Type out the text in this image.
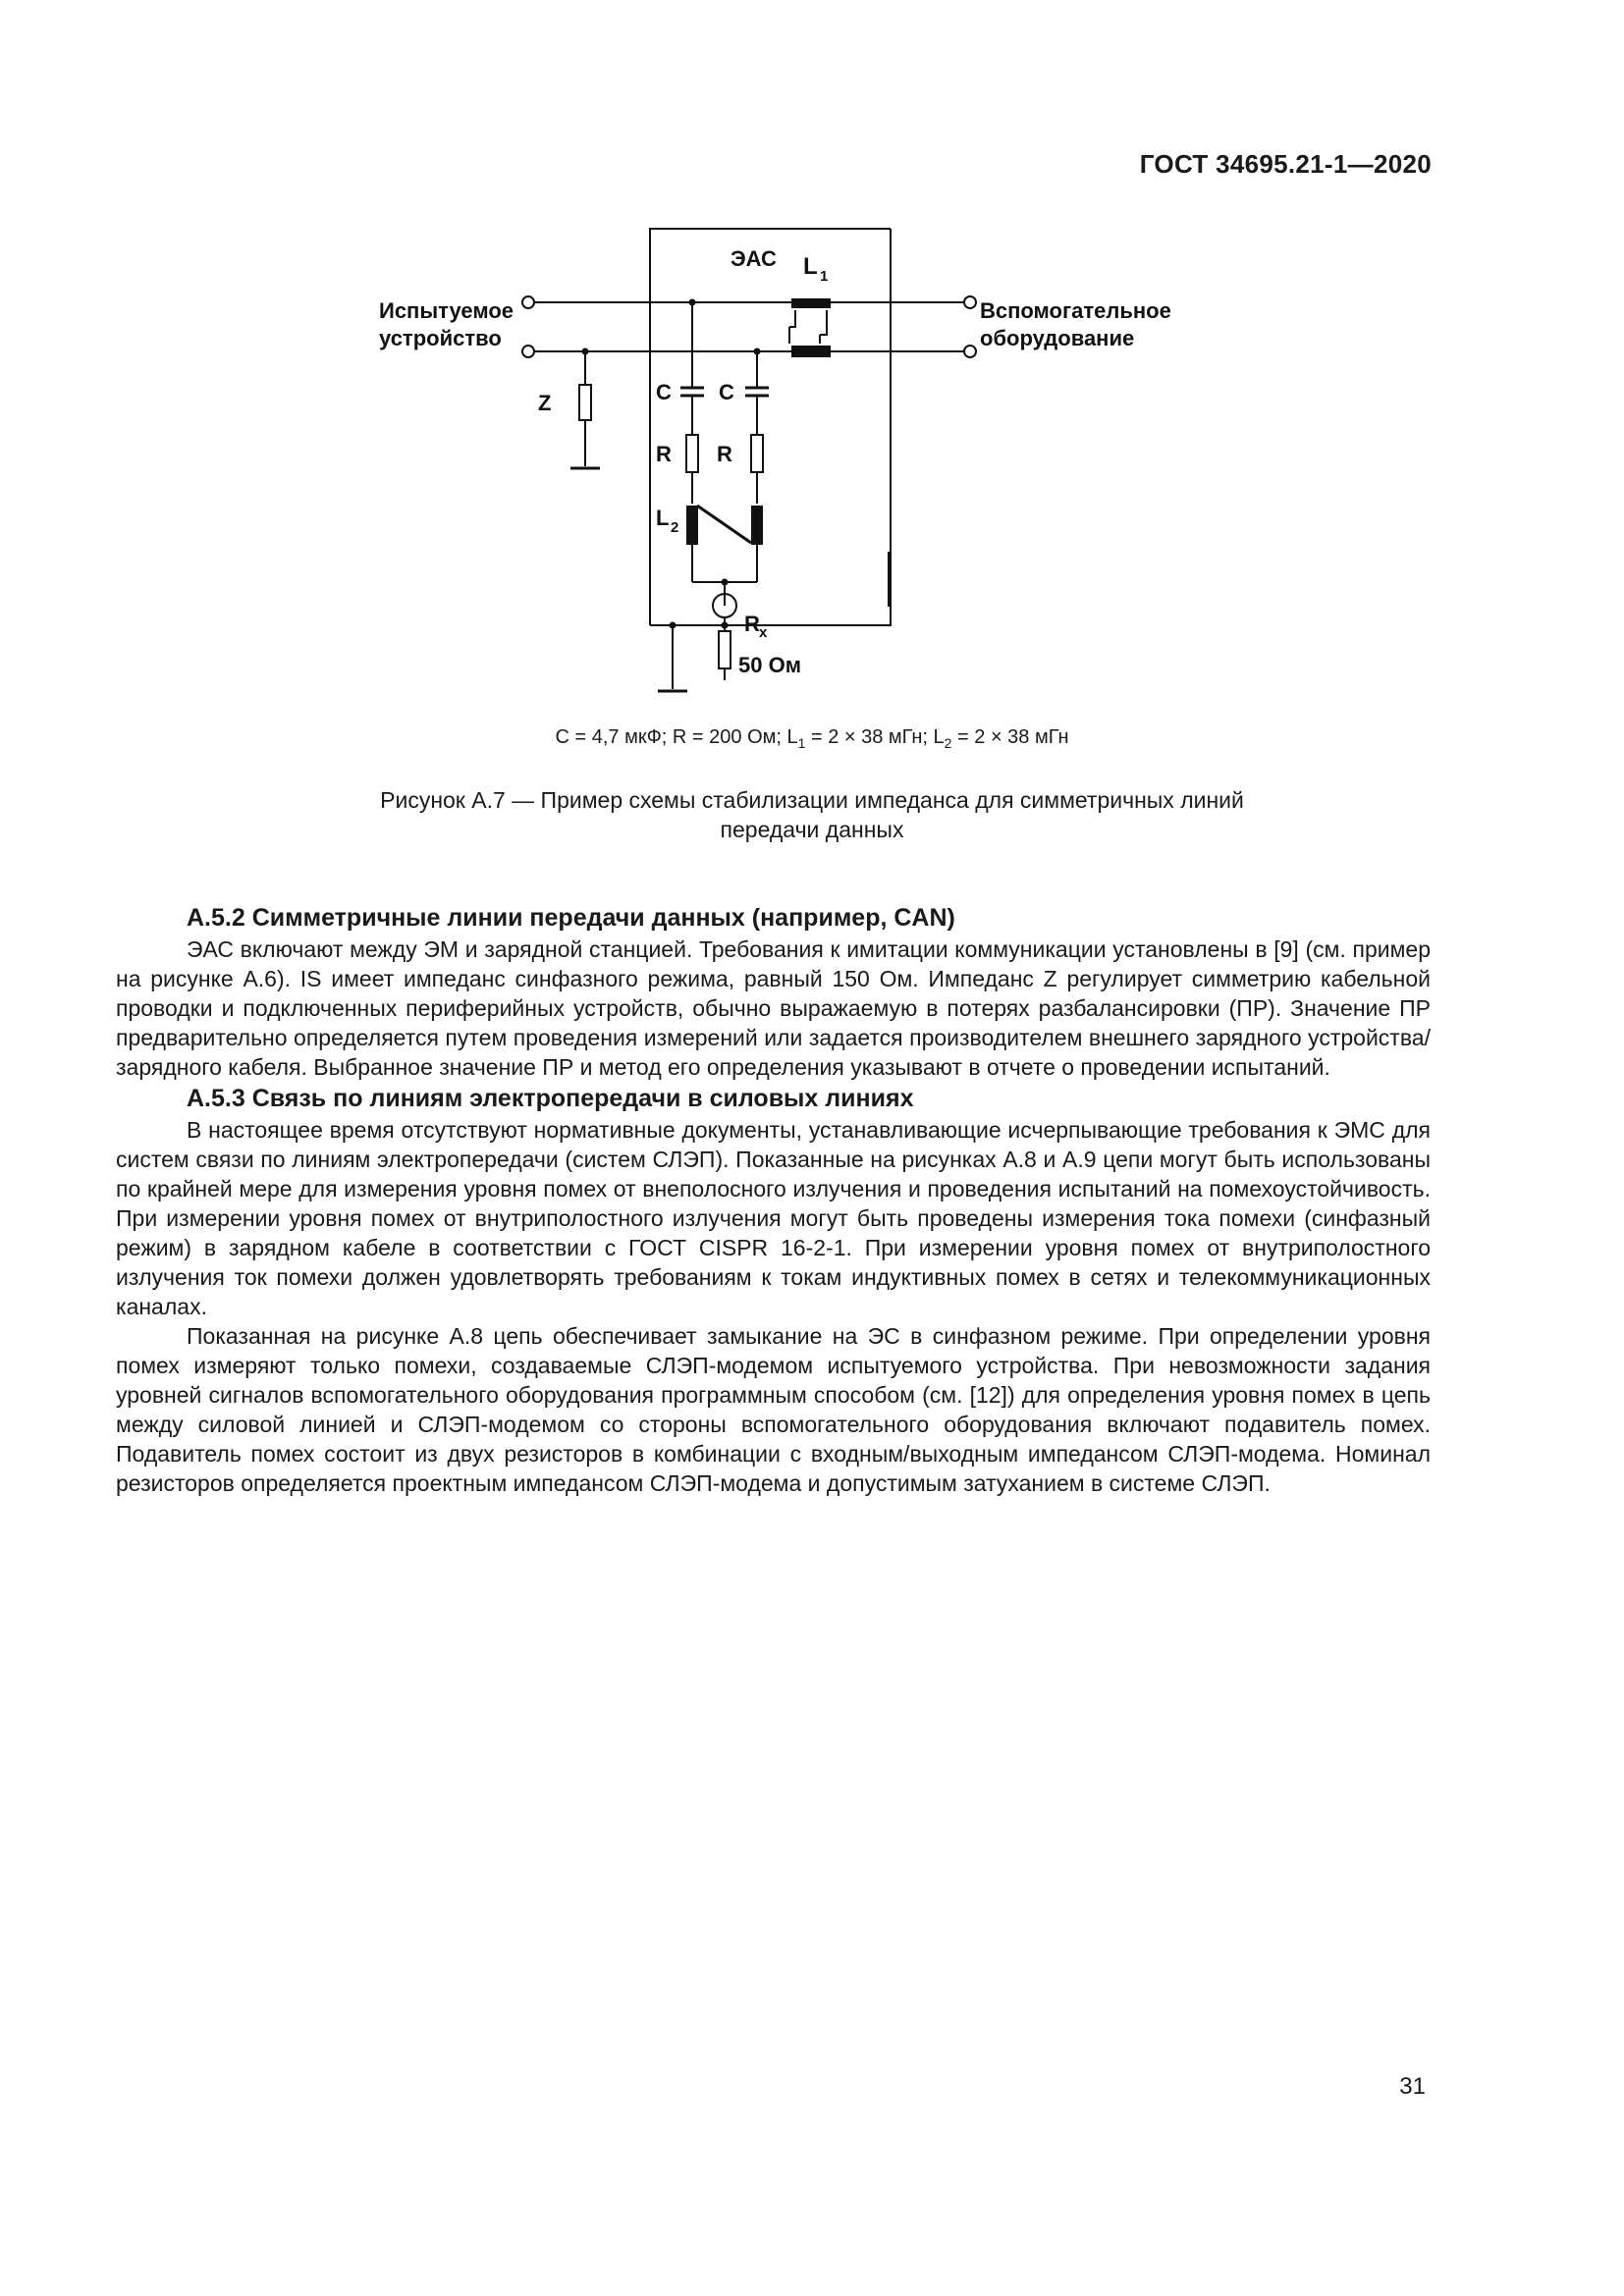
ГОСТ 34695.21-1—2020
ЭАС L 1
Испытуемое
устройство
Вспомогательное
оборудование
Z	C C
R R
L 2
R x
50 Ом
C = 4,7 мкФ; R = 200 Ом; $L_1 = 2 \times 38$ мГн; $L_2 = 2 \times 38$ мГн
Рисунок А.7 — Пример схемы стабилизации импеданса для симметричных линий
передачи данных
А.5.2 Симметричные линии передачи данных (например, CAN)

ЭАС включают между ЭМ и зарядной станцией. Требования к имитации коммуникации установлены в [9] (см. пример на рисунке А.6). IS имеет импеданс синфазного режима, равный 150 Ом. Импеданс Z регулирует симметрию кабельной проводки и подключенных периферийных устройств, обычно выражаемую в потерях разбалансировки (ПР). Значение ПР предварительно определяется путем проведения измерений или задается производителем внешнего зарядного устройства/зарядного кабеля. Выбранное значение ПР и метод его определения указывают в отчете о проведении испытаний.

А.5.3 Связь по линиям электропередачи в силовых линиях

В настоящее время отсутствуют нормативные документы, устанавливающие исчерпывающие требования к ЭМС для систем связи по линиям электропередачи (систем СЛЭП). Показанные на рисунках А.8 и А.9 цепи могут быть использованы по крайней мере для измерения уровня помех от внеполосного излучения и проведения испытаний на помехоустойчивость. При измерении уровня помех от внутриполостного излучения могут быть проведены измерения тока помехи (синфазный режим) в зарядном кабеле в соответствии с ГОСТ CISPR 16-2-1. При измерении уровня помех от внутриполостного излучения ток помехи должен удовлетворять требованиям к токам индуктивных помех в сетях и телекоммуникационных каналах.

Показанная на рисунке А.8 цепь обеспечивает замыкание на ЭС в синфазном режиме. При определении уровня помех измеряют только помехи, создаваемые СЛЭП-модемом испытуемого устройства. При невозможности задания уровней сигналов вспомогательного оборудования программным способом (см. [12]) для определения уровня помех в цепь между силовой линией и СЛЭП-модемом со стороны вспомогательного оборудования включают подавитель помех. Подавитель помех состоит из двух резисторов в комбинации с входным/выходным импедансом СЛЭП-модема. Номинал резисторов определяется проектным импедансом СЛЭП-модема и допустимым затуханием в системе СЛЭП.

31
